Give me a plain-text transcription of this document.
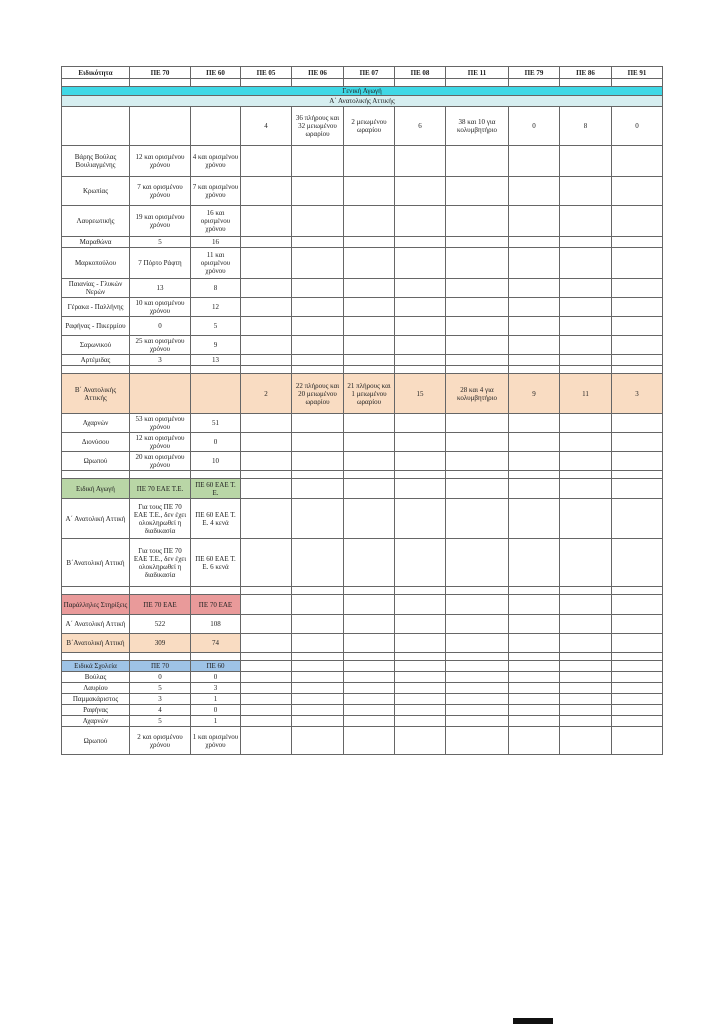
Ειδικότητα	ΠΕ 70	ΠΕ 60	ΠΕ 05	ΠΕ 06	ΠΕ 07	ΠΕ 08	ΠΕ 11	ΠΕ 79	ΠΕ 86	ΠΕ 91

Γενική Αγωγή										
Α΄ Ανατολικής Αττικής										
			4	36 πλήρους και 32 μειωμένου ωραρίου	2 μειωμένου ωραρίου	6	38 και 10 για κολυμβητήριο	0	8	0
Βάρης Βούλας Βουλιαγμένης	12 και ορισμένου χρόνου	4 και ορισμένου χρόνου								
Κρωπίας	7 και ορισμένου χρόνου	7 και ορισμένου χρόνου								
Λαυρεωτικής	19 και ορισμένου χρόνου	16 και ορισμένου χρόνου								
Μαραθώνα	5	16								
Μαρκοπούλου	7 Πόρτο Ράφτη	11 και ορισμένου χρόνου								
Παιανίας - Γλυκών Νερών	13	8								
Γέρακα - Παλλήνης	10 και ορισμένου χρόνου	12								
Ραφήνας - Πικερμίου	0	5								
Σαρωνικού	25 και ορισμένου χρόνου	9								
Αρτέμιδας	3	13								

Β΄ Ανατολικής Αττικής			2	22 πλήρους και 20 μειωμένου ωραρίου	21 πλήρους και 1 μειωμένου ωραρίου	15	28 και 4 για κολυμβητήριο	9	11	3
Αχαρνών	53 και ορισμένου χρόνου	51								
Διονύσου	12 και ορισμένου χρόνου	0								
Ωρωπού	20 και ορισμένου χρόνου	10								

Ειδική Αγωγή	ΠΕ 70 ΕΑΕ Τ.Ε.	ΠΕ 60 ΕΑΕ Τ. Ε.								
Α΄ Ανατολική Αττική	Για τους ΠΕ 70 ΕΑΕ Τ.Ε., δεν έχει ολοκληρωθεί η διαδικασία	ΠΕ 60 ΕΑΕ Τ. Ε. 4 κενά								
Β΄Ανατολική Αττική	Για τους ΠΕ 70 ΕΑΕ Τ.Ε., δεν έχει ολοκληρωθεί η διαδικασία	ΠΕ 60 ΕΑΕ Τ. Ε. 6 κενά								

Παράλληλες Στηρίξεις	ΠΕ 70 ΕΑΕ	ΠΕ 70 ΕΑΕ								
Α΄ Ανατολική Αττική	522	108								
Β΄Ανατολική Αττική	309	74								

Ειδικά Σχολεία	ΠΕ 70	ΠΕ 60								
Βούλας	0	0								
Λαυρίου	5	3								
Παμμακάριστος	3	1								
Ραφήνας	4	0								
Αχαρνών	5	1								
Ωρωπού	2 και ορισμένου χρόνου	1 και ορισμένου χρόνου								
